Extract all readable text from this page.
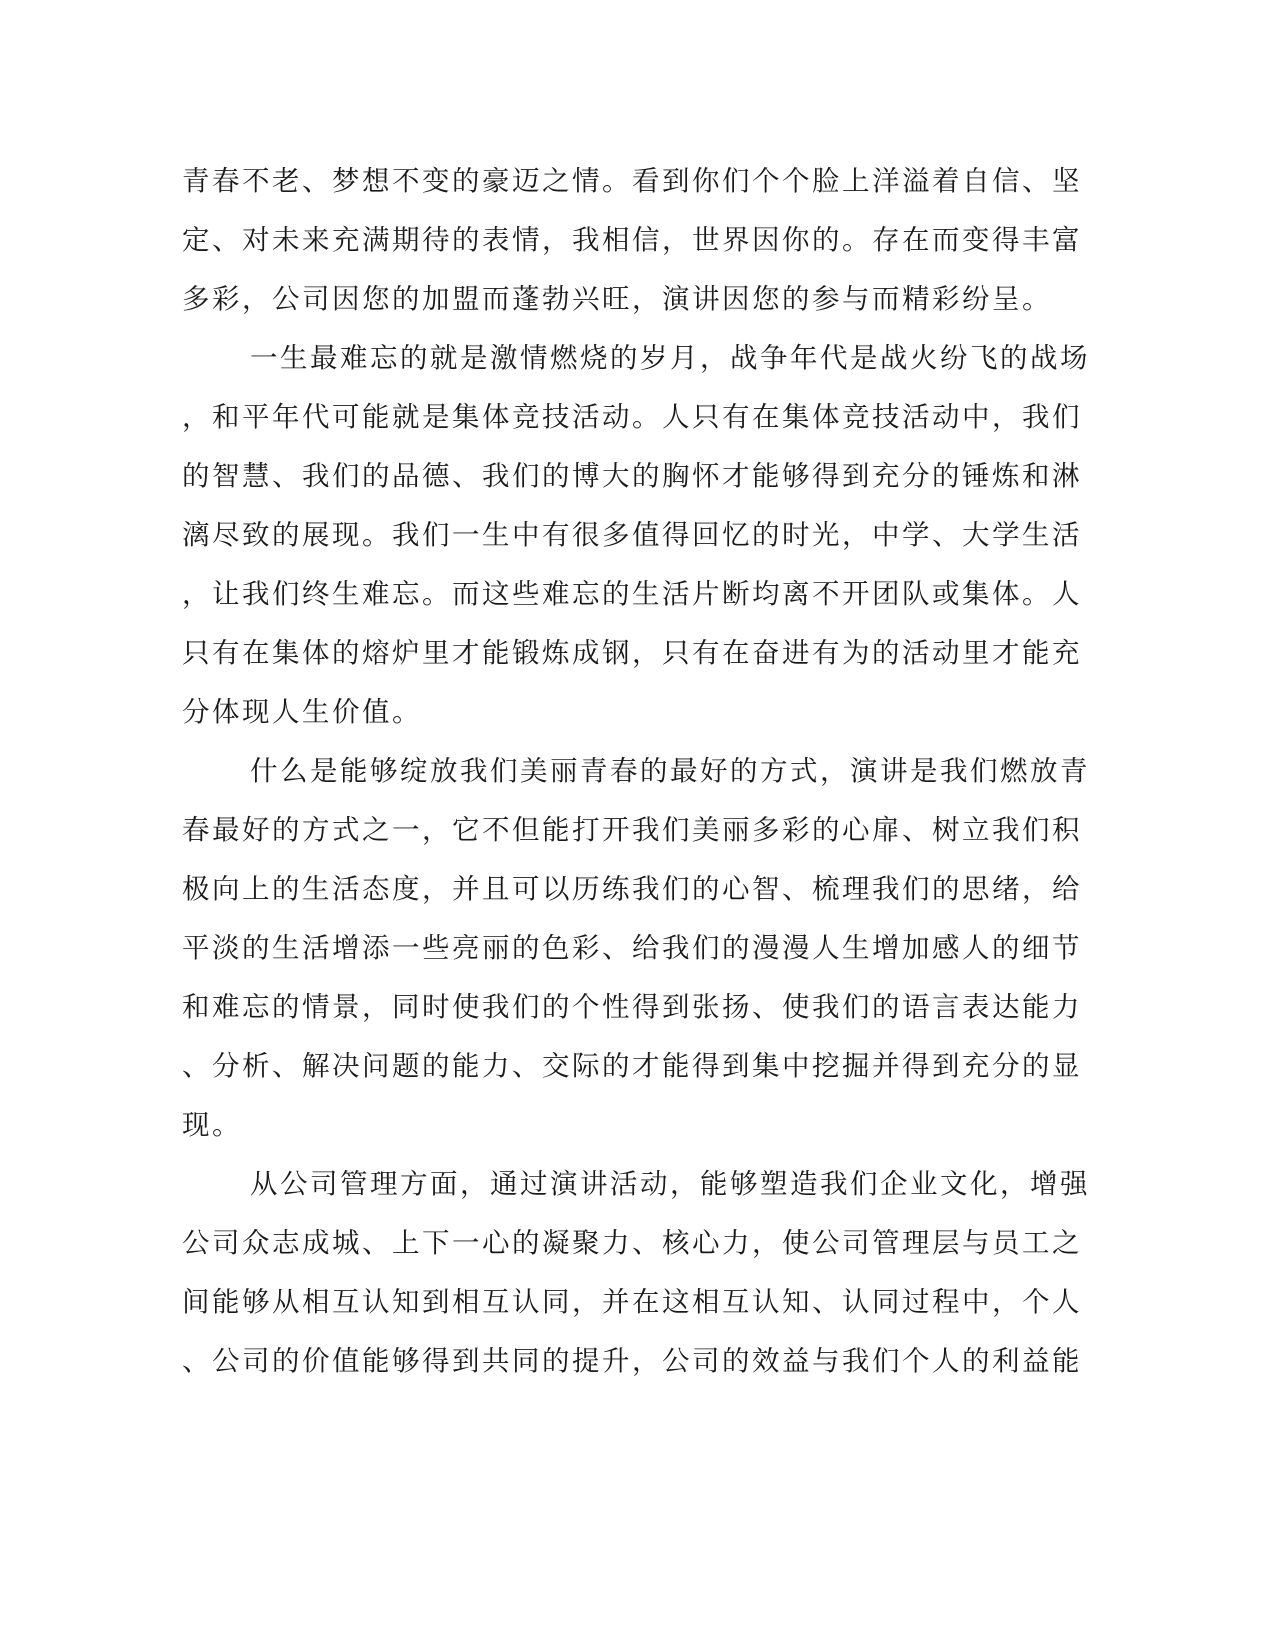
青春不老、梦想不变的豪迈之情。看到你们个个脸上洋溢着自信、坚
定、对未来充满期待的表情，我相信，世界因你的。存在而变得丰富
多彩，公司因您的加盟而蓬勃兴旺，演讲因您的参与而精彩纷呈。
一生最难忘的就是激情燃烧的岁月，战争年代是战火纷飞的战场
，和平年代可能就是集体竞技活动。人只有在集体竞技活动中，我们
的智慧、我们的品德、我们的博大的胸怀才能够得到充分的锤炼和淋
漓尽致的展现。我们一生中有很多值得回忆的时光，中学、大学生活
，让我们终生难忘。而这些难忘的生活片断均离不开团队或集体。人
只有在集体的熔炉里才能锻炼成钢，只有在奋进有为的活动里才能充
分体现人生价值。
什么是能够绽放我们美丽青春的最好的方式，演讲是我们燃放青
春最好的方式之一，它不但能打开我们美丽多彩的心扉、树立我们积
极向上的生活态度，并且可以历练我们的心智、梳理我们的思绪，给
平淡的生活增添一些亮丽的色彩、给我们的漫漫人生增加感人的细节
和难忘的情景，同时使我们的个性得到张扬、使我们的语言表达能力
、分析、解决问题的能力、交际的才能得到集中挖掘并得到充分的显
现。
从公司管理方面，通过演讲活动，能够塑造我们企业文化，增强
公司众志成城、上下一心的凝聚力、核心力，使公司管理层与员工之
间能够从相互认知到相互认同，并在这相互认知、认同过程中，个人
、公司的价值能够得到共同的提升，公司的效益与我们个人的利益能
